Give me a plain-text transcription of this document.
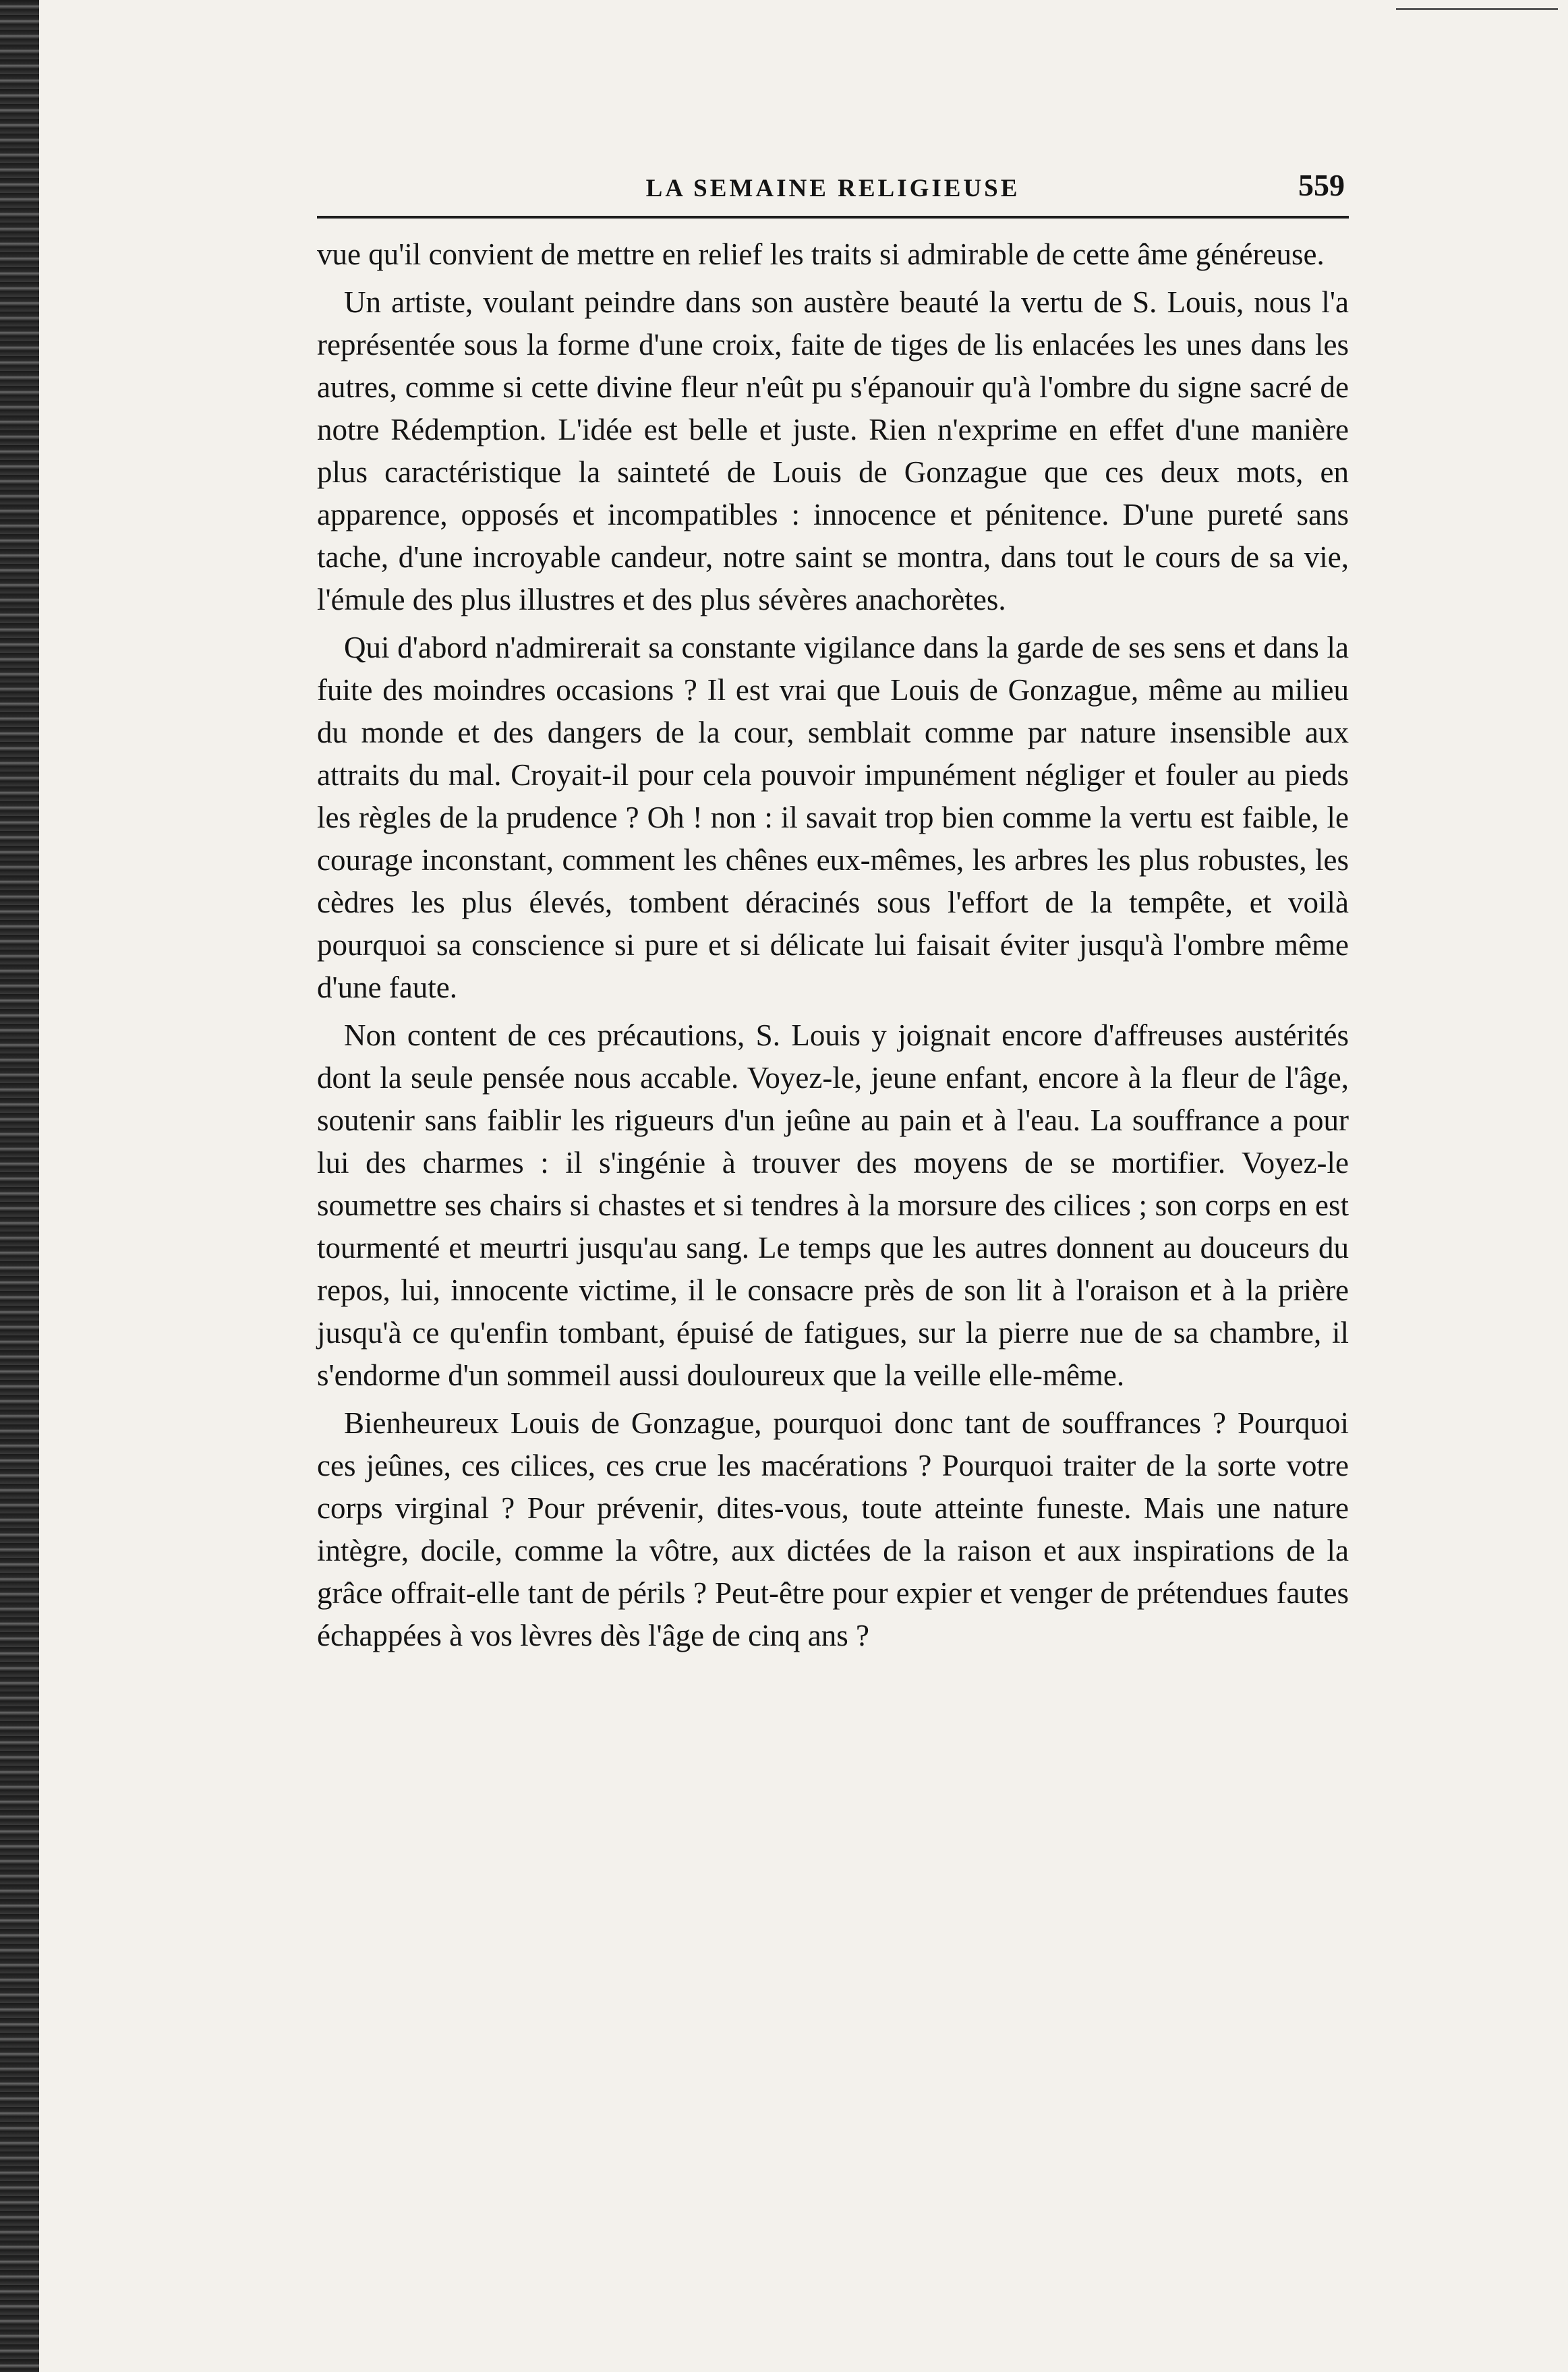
LA SEMAINE RELIGIEUSE	559

vue qu'il convient de mettre en relief les traits si admirable de cette âme généreuse.

Un artiste, voulant peindre dans son austère beauté la vertu de S. Louis, nous l'a représentée sous la forme d'une croix, faite de tiges de lis enlacées les unes dans les autres, comme si cette divine fleur n'eût pu s'épanouir qu'à l'ombre du signe sacré de notre Rédemption. L'idée est belle et juste. Rien n'exprime en effet d'une manière plus caractéristique la sainteté de Louis de Gonzague que ces deux mots, en apparence, opposés et incompatibles : innocence et pénitence. D'une pureté sans tache, d'une incroyable candeur, notre saint se montra, dans tout le cours de sa vie, l'émule des plus illustres et des plus sévères anachorètes.

Qui d'abord n'admirerait sa constante vigilance dans la garde de ses sens et dans la fuite des moindres occasions ? Il est vrai que Louis de Gonzague, même au milieu du monde et des dangers de la cour, semblait comme par nature insensible aux attraits du mal. Croyait-il pour cela pouvoir impunément négliger et fouler au pieds les règles de la prudence ? Oh ! non : il savait trop bien comme la vertu est faible, le courage inconstant, comment les chênes eux-mêmes, les arbres les plus robustes, les cèdres les plus élevés, tombent déracinés sous l'effort de la tempête, et voilà pourquoi sa conscience si pure et si délicate lui faisait éviter jusqu'à l'ombre même d'une faute.

Non content de ces précautions, S. Louis y joignait encore d'affreuses austérités dont la seule pensée nous accable. Voyez-le, jeune enfant, encore à la fleur de l'âge, soutenir sans faiblir les rigueurs d'un jeûne au pain et à l'eau. La souffrance a pour lui des charmes : il s'ingénie à trouver des moyens de se mortifier. Voyez-le soumettre ses chairs si chastes et si tendres à la morsure des cilices ; son corps en est tourmenté et meurtri jusqu'au sang. Le temps que les autres donnent au douceurs du repos, lui, innocente victime, il le consacre près de son lit à l'oraison et à la prière jusqu'à ce qu'enfin tombant, épuisé de fatigues, sur la pierre nue de sa chambre, il s'endorme d'un sommeil aussi douloureux que la veille elle-même.

Bienheureux Louis de Gonzague, pourquoi donc tant de souffrances ? Pourquoi ces jeûnes, ces cilices, ces crue les macérations ? Pourquoi traiter de la sorte votre corps virginal ? Pour prévenir, dites-vous, toute atteinte funeste. Mais une nature intègre, docile, comme la vôtre, aux dictées de la raison et aux inspirations de la grâce offrait-elle tant de périls ? Peut-être pour expier et venger de prétendues fautes échappées à vos lèvres dès l'âge de cinq ans ?
